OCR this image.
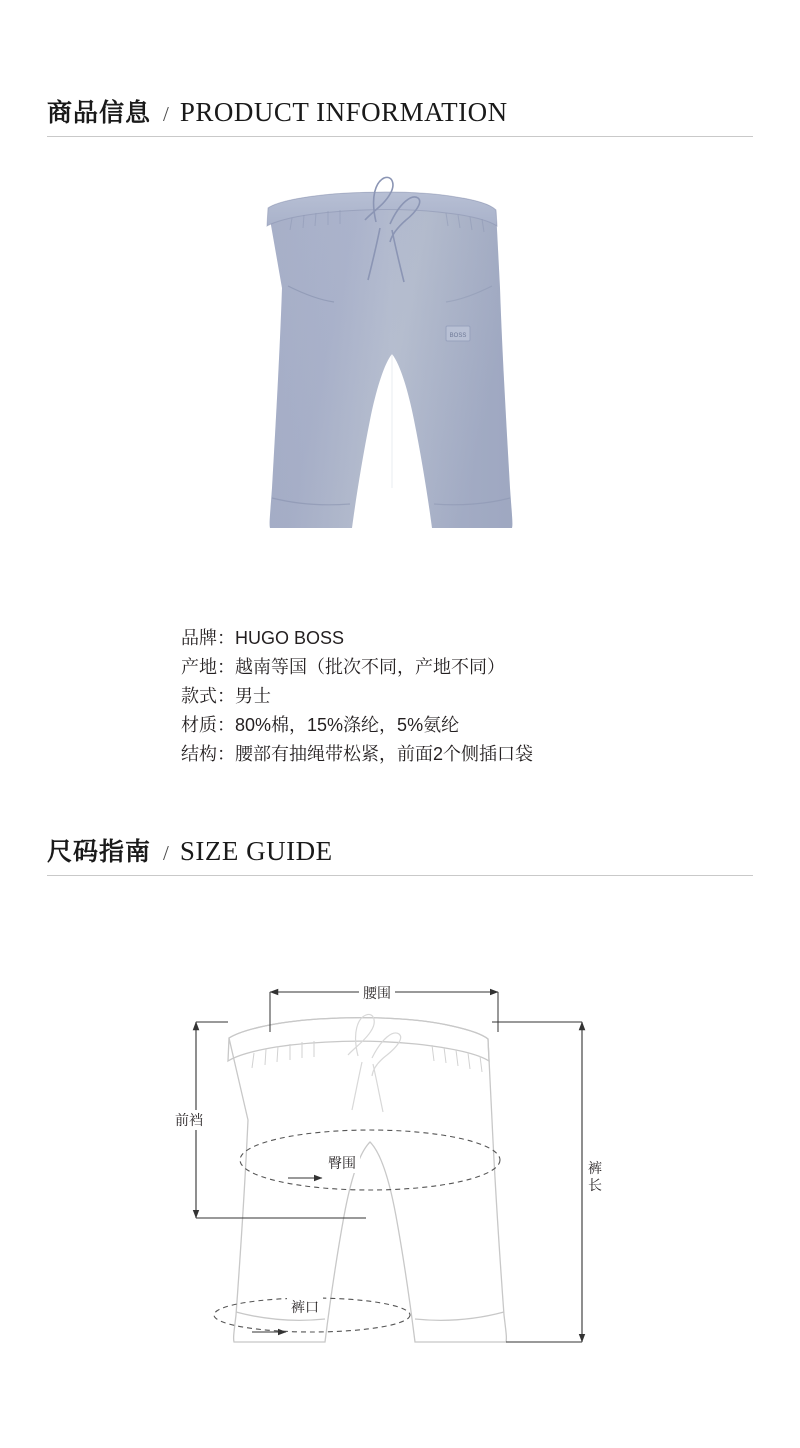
商品信息 / PRODUCT INFORMATION
BOSS
品牌：HUGO BOSS
产地：越南等国（批次不同，产地不同）
款式：男士
材质：80%棉，15%涤纶，5%氨纶
结构：腰部有抽绳带松紧，前面2个侧插口袋
尺码指南 / SIZE GUIDE
腰围
前裆
臀围	裤
长
裤口
